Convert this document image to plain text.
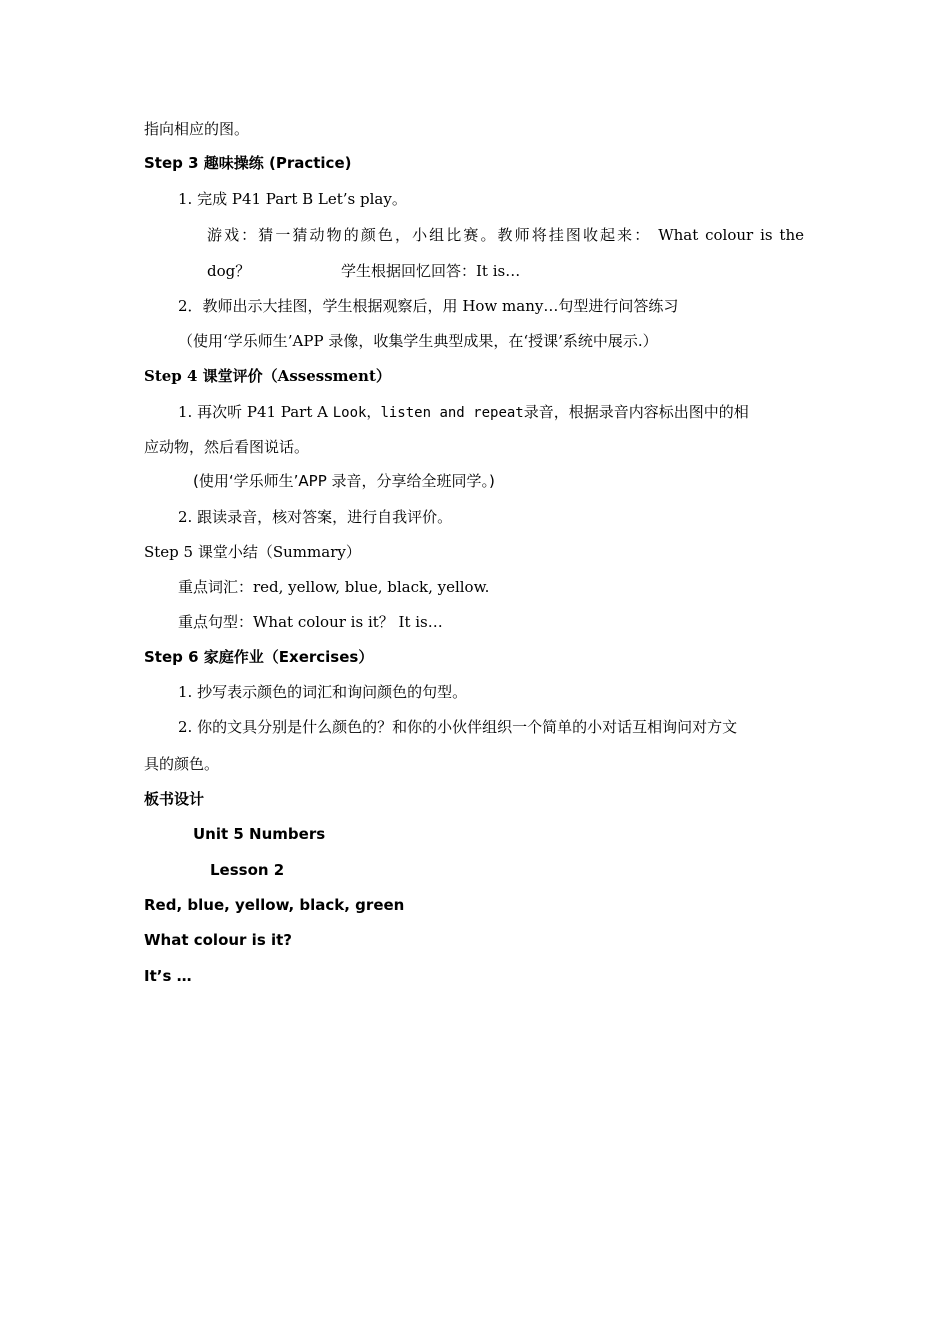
指向相应的图。
Step 3 趣味操练 (Practice)
1. 完成 P41 Part B Let’s play。
游戏：猜一猜动物的颜色，小组比赛。教师将挂图收起来： What colour is the
dog？	学生根据回忆回答：It is…
2．教师出示大挂图，学生根据观察后，用 How many…句型进行问答练习
（使用‘学乐师生’APP 录像，收集学生典型成果，在‘授课’系统中展示.）
Step 4 课堂评价（Assessment）
1. 再次听 P41 Part A Look，listen and repeat录音，根据录音内容标出图中的相
应动物，然后看图说话。
(使用‘学乐师生’APP 录音，分享给全班同学。)
2. 跟读录音，核对答案，进行自我评价。
Step 5 课堂小结（Summary）
重点词汇：red, yellow, blue, black, yellow.
重点句型：What colour is it？ It is…
Step 6 家庭作业（Exercises）
1. 抄写表示颜色的词汇和询问颜色的句型。
2. 你的文具分别是什么颜色的？和你的小伙伴组织一个简单的小对话互相询问对方文
具的颜色。
板书设计
Unit 5 Numbers
Lesson 2
Red, blue, yellow, black, green
What colour is it?
It’s …
